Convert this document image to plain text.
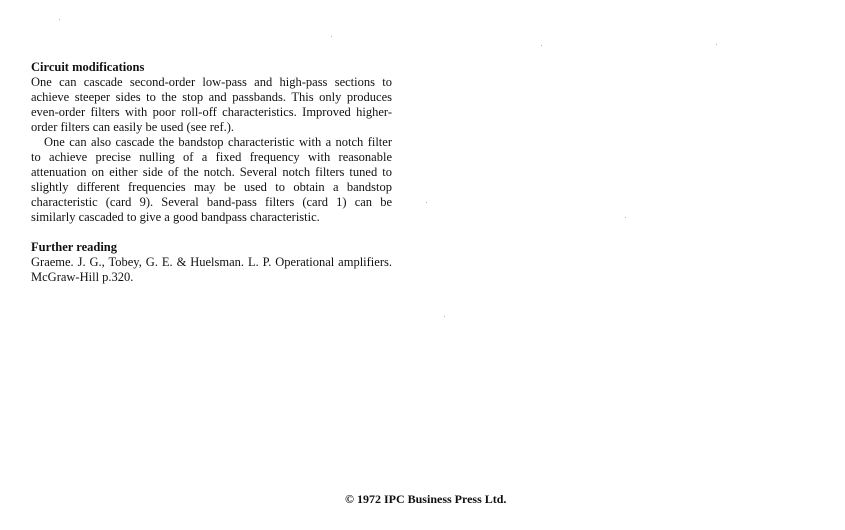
Circuit modifications

One can cascade second-order low-pass and high-pass sections to achieve steeper sides to the stop and passbands. This only produces even-order filters with poor roll-off characteristics. Improved higher-order filters can easily be used (see ref.).

One can also cascade the bandstop characteristic with a notch filter to achieve precise nulling of a fixed frequency with reasonable attenuation on either side of the notch. Several notch filters tuned to slightly different frequencies may be used to obtain a bandstop characteristic (card 9). Several band-pass filters (card 1) can be similarly cascaded to give a good bandpass characteristic.

Further reading

Graeme. J. G., Tobey, G. E. & Huelsman. L. P. Operational amplifiers. McGraw-Hill p.320.

© 1972 IPC Business Press Ltd.
